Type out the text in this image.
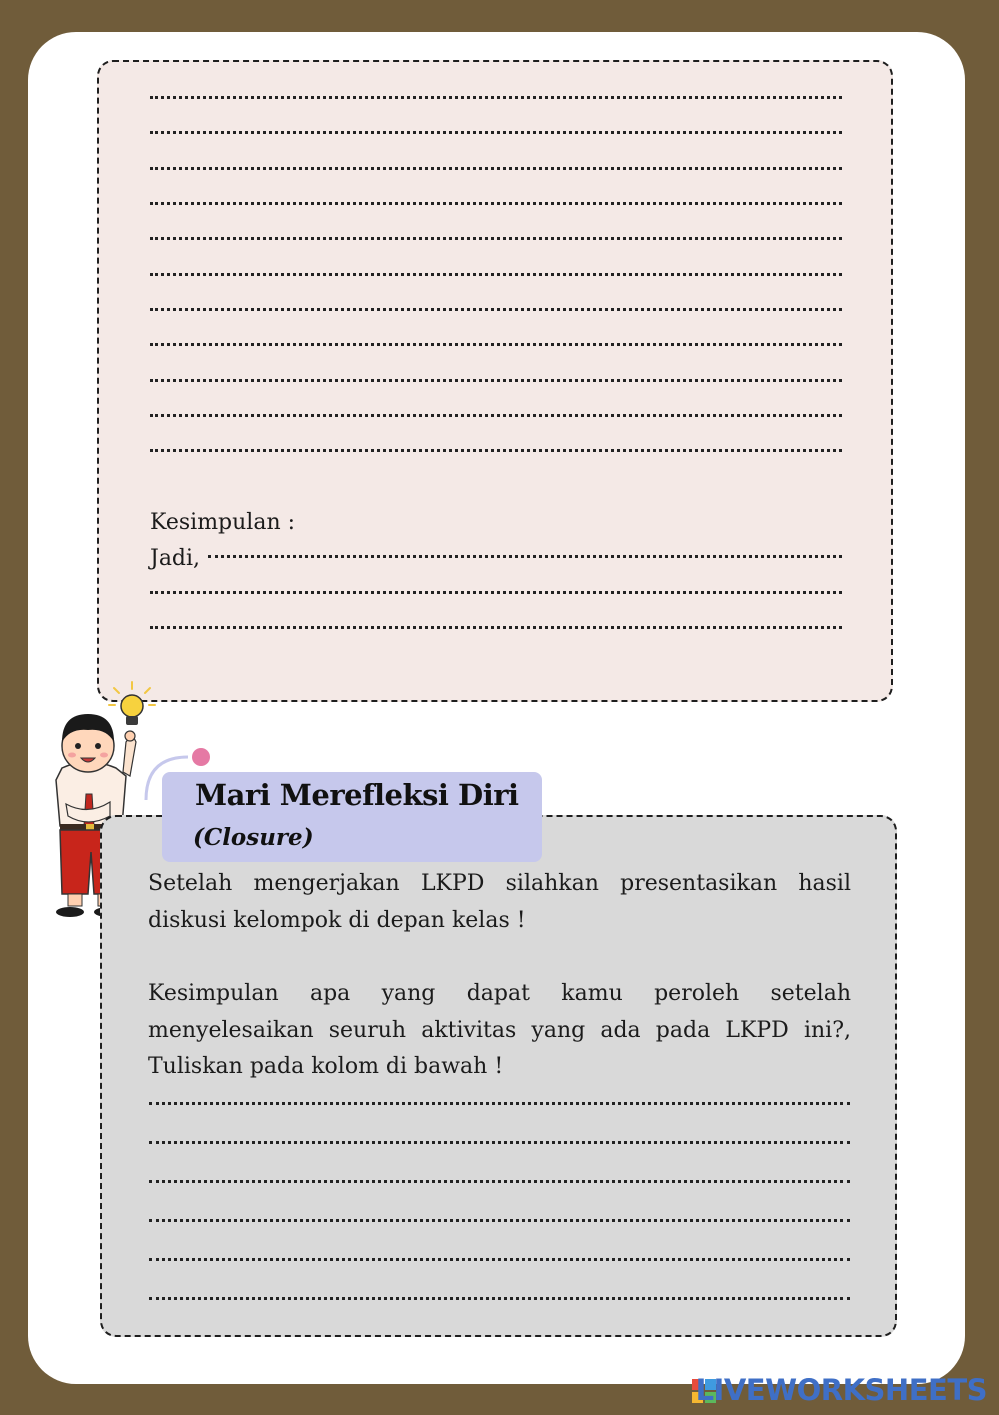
Kesimpulan :
Jadi,
Mari Merefleksi Diri
(Closure)
Setelah mengerjakan LKPD silahkan presentasikan hasil
diskusi kelompok di depan kelas !
Kesimpulan apa yang dapat kamu peroleh setelah
menyelesaikan seuruh aktivitas yang ada pada LKPD ini?,
Tuliskan pada kolom di bawah !
LIVEWORKSHEETS
